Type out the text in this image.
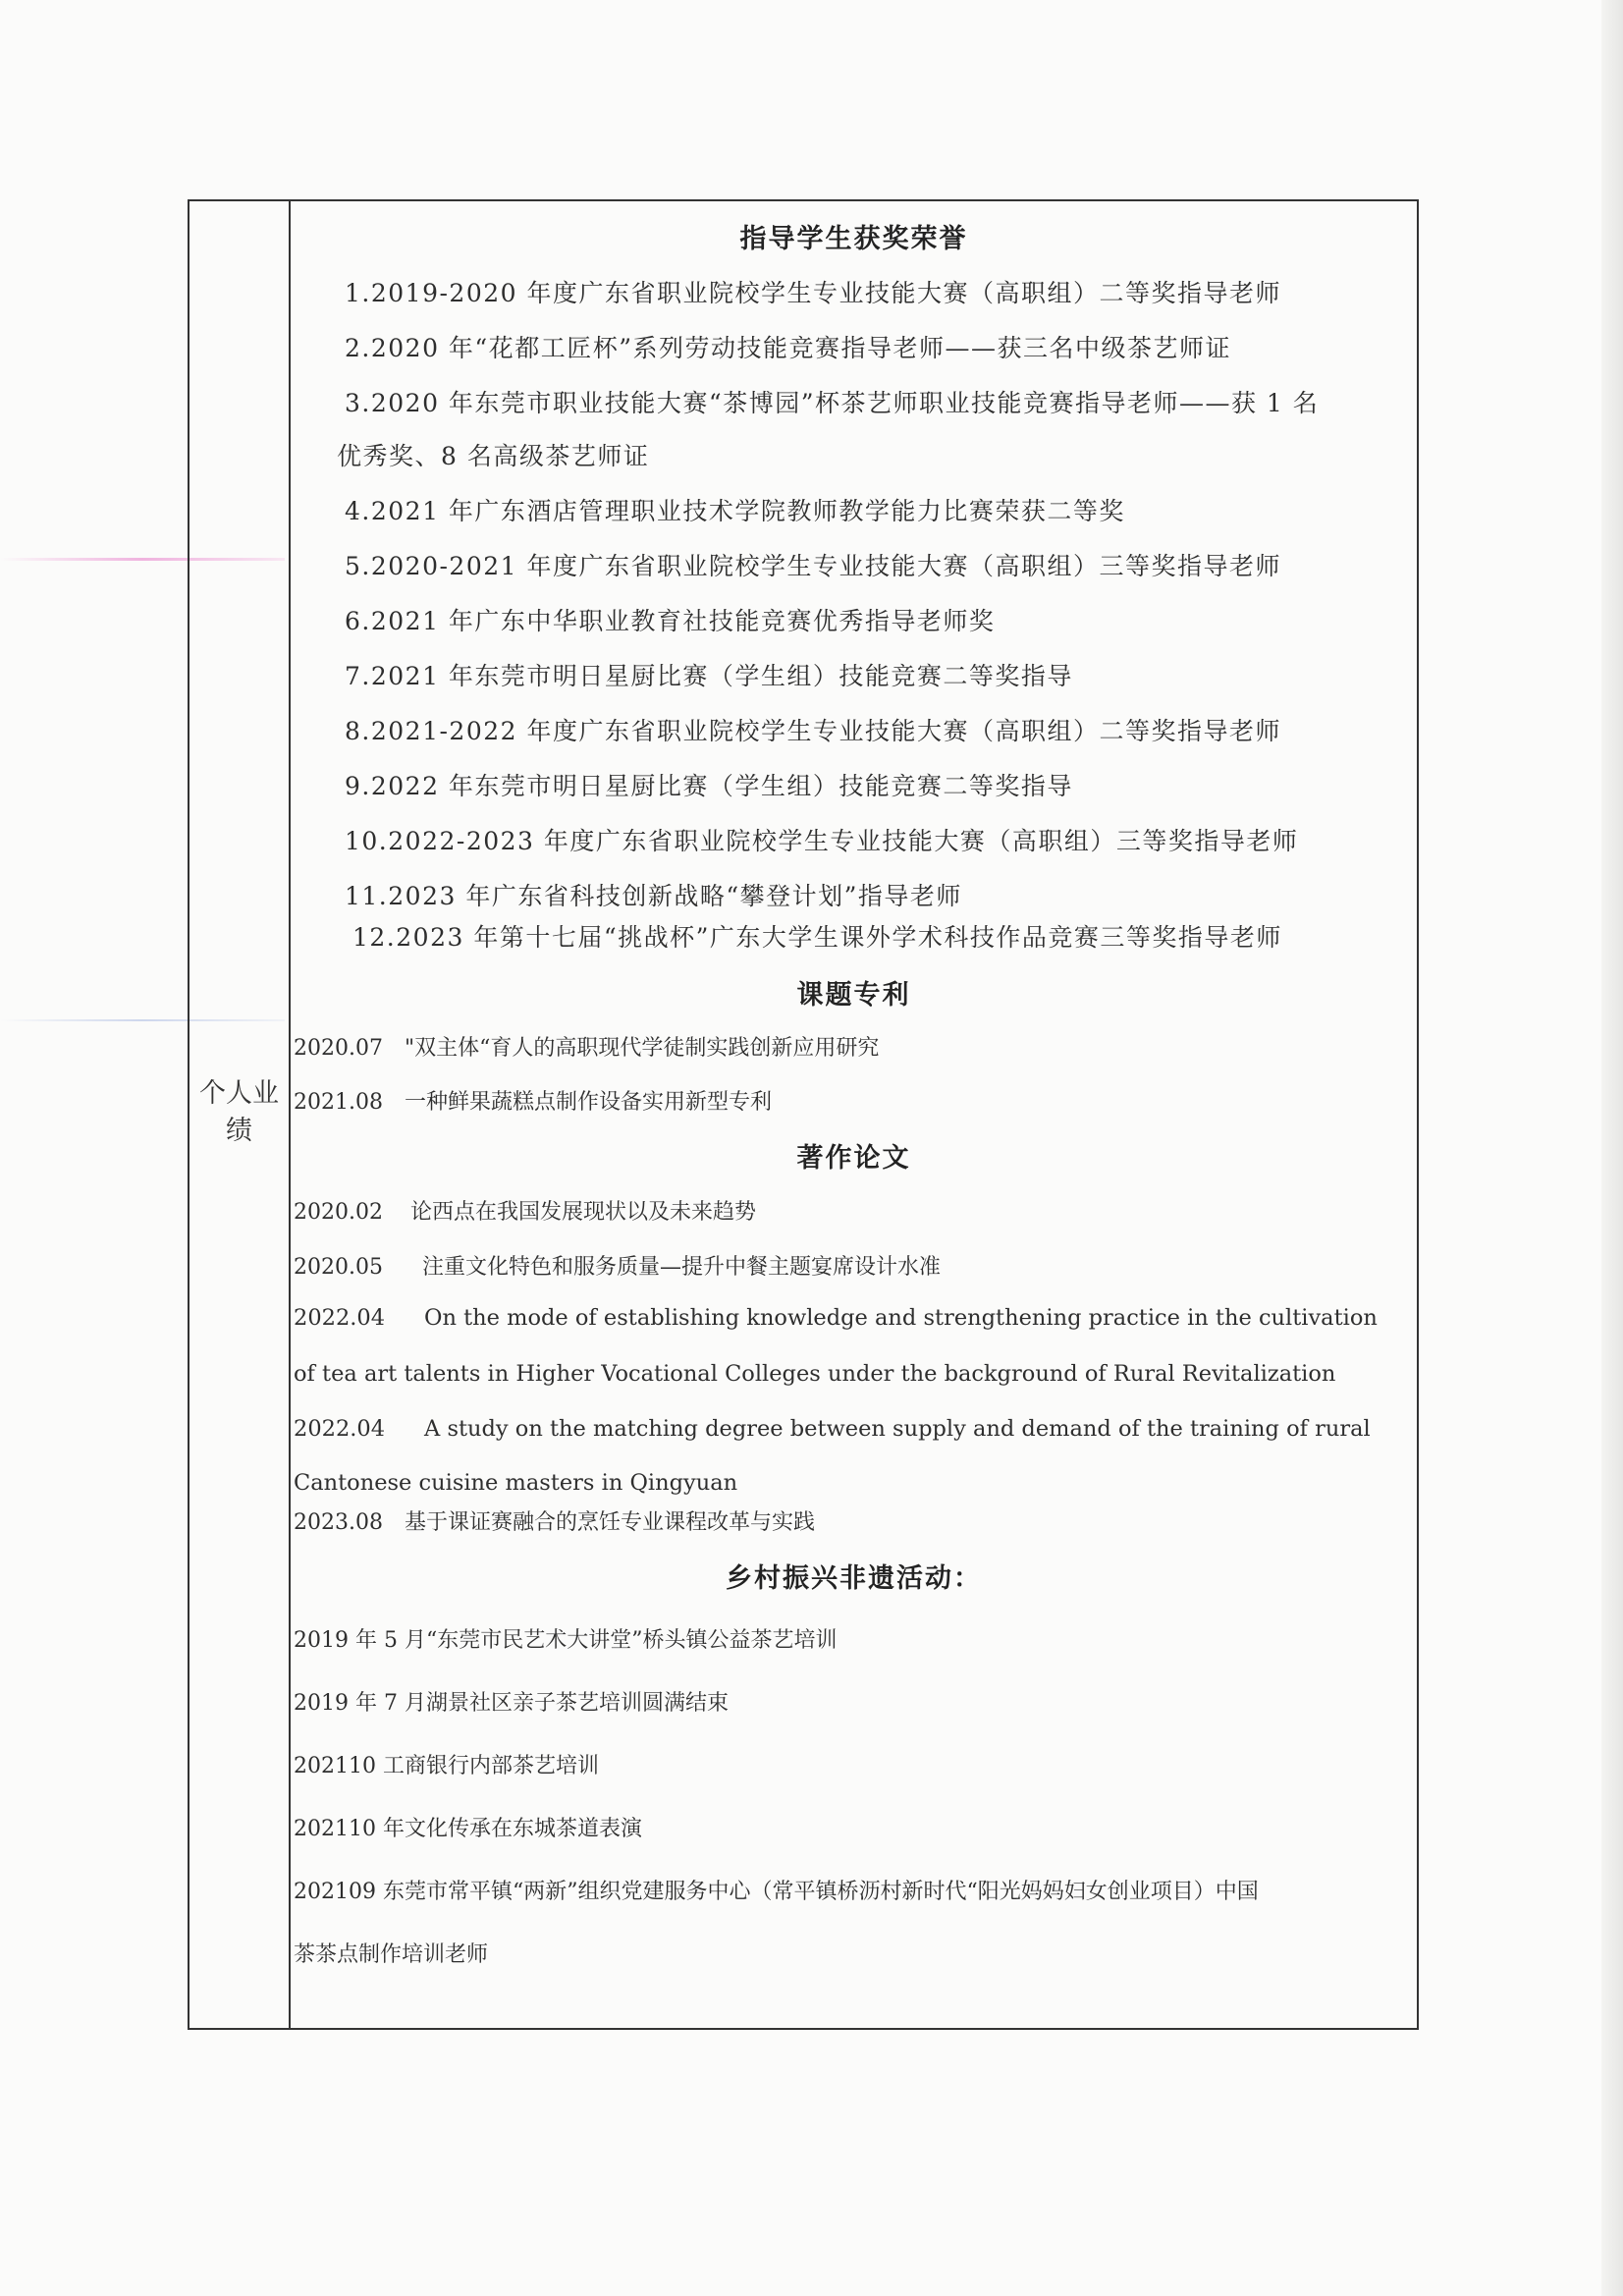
个人业绩
指导学生获奖荣誉
1.2019-2020 年度广东省职业院校学生专业技能大赛（高职组）二等奖指导老师
2.2020 年“花都工匠杯”系列劳动技能竞赛指导老师——获三名中级茶艺师证
3.2020 年东莞市职业技能大赛“茶博园”杯茶艺师职业技能竞赛指导老师——获 1 名
优秀奖、8 名高级茶艺师证
4.2021 年广东酒店管理职业技术学院教师教学能力比赛荣获二等奖
5.2020-2021 年度广东省职业院校学生专业技能大赛（高职组）三等奖指导老师
6.2021 年广东中华职业教育社技能竞赛优秀指导老师奖
7.2021 年东莞市明日星厨比赛（学生组）技能竞赛二等奖指导
8.2021-2022 年度广东省职业院校学生专业技能大赛（高职组）二等奖指导老师
9.2022 年东莞市明日星厨比赛（学生组）技能竞赛二等奖指导
10.2022-2023 年度广东省职业院校学生专业技能大赛（高职组）三等奖指导老师
11.2023 年广东省科技创新战略“攀登计划”指导老师
12.2023 年第十七届“挑战杯”广东大学生课外学术科技作品竞赛三等奖指导老师
课题专利
2020.07 "双主体“育人的高职现代学徒制实践创新应用研究
2021.08 一种鲜果蔬糕点制作设备实用新型专利
著作论文
2020.02 论西点在我国发展现状以及未来趋势
2020.05 注重文化特色和服务质量—提升中餐主题宴席设计水准
2022.04 On the mode of establishing knowledge and strengthening practice in the cultivation
of tea art talents in Higher Vocational Colleges under the background of Rural Revitalization
2022.04 A study on the matching degree between supply and demand of the training of rural
Cantonese cuisine masters in Qingyuan
2023.08 基于课证赛融合的烹饪专业课程改革与实践
乡村振兴非遗活动：
2019 年 5 月“东莞市民艺术大讲堂”桥头镇公益茶艺培训
2019 年 7 月湖景社区亲子茶艺培训圆满结束
202110 工商银行内部茶艺培训
202110 年文化传承在东城茶道表演
202109 东莞市常平镇“两新”组织党建服务中心（常平镇桥沥村新时代“阳光妈妈妇女创业项目）中国
茶茶点制作培训老师
